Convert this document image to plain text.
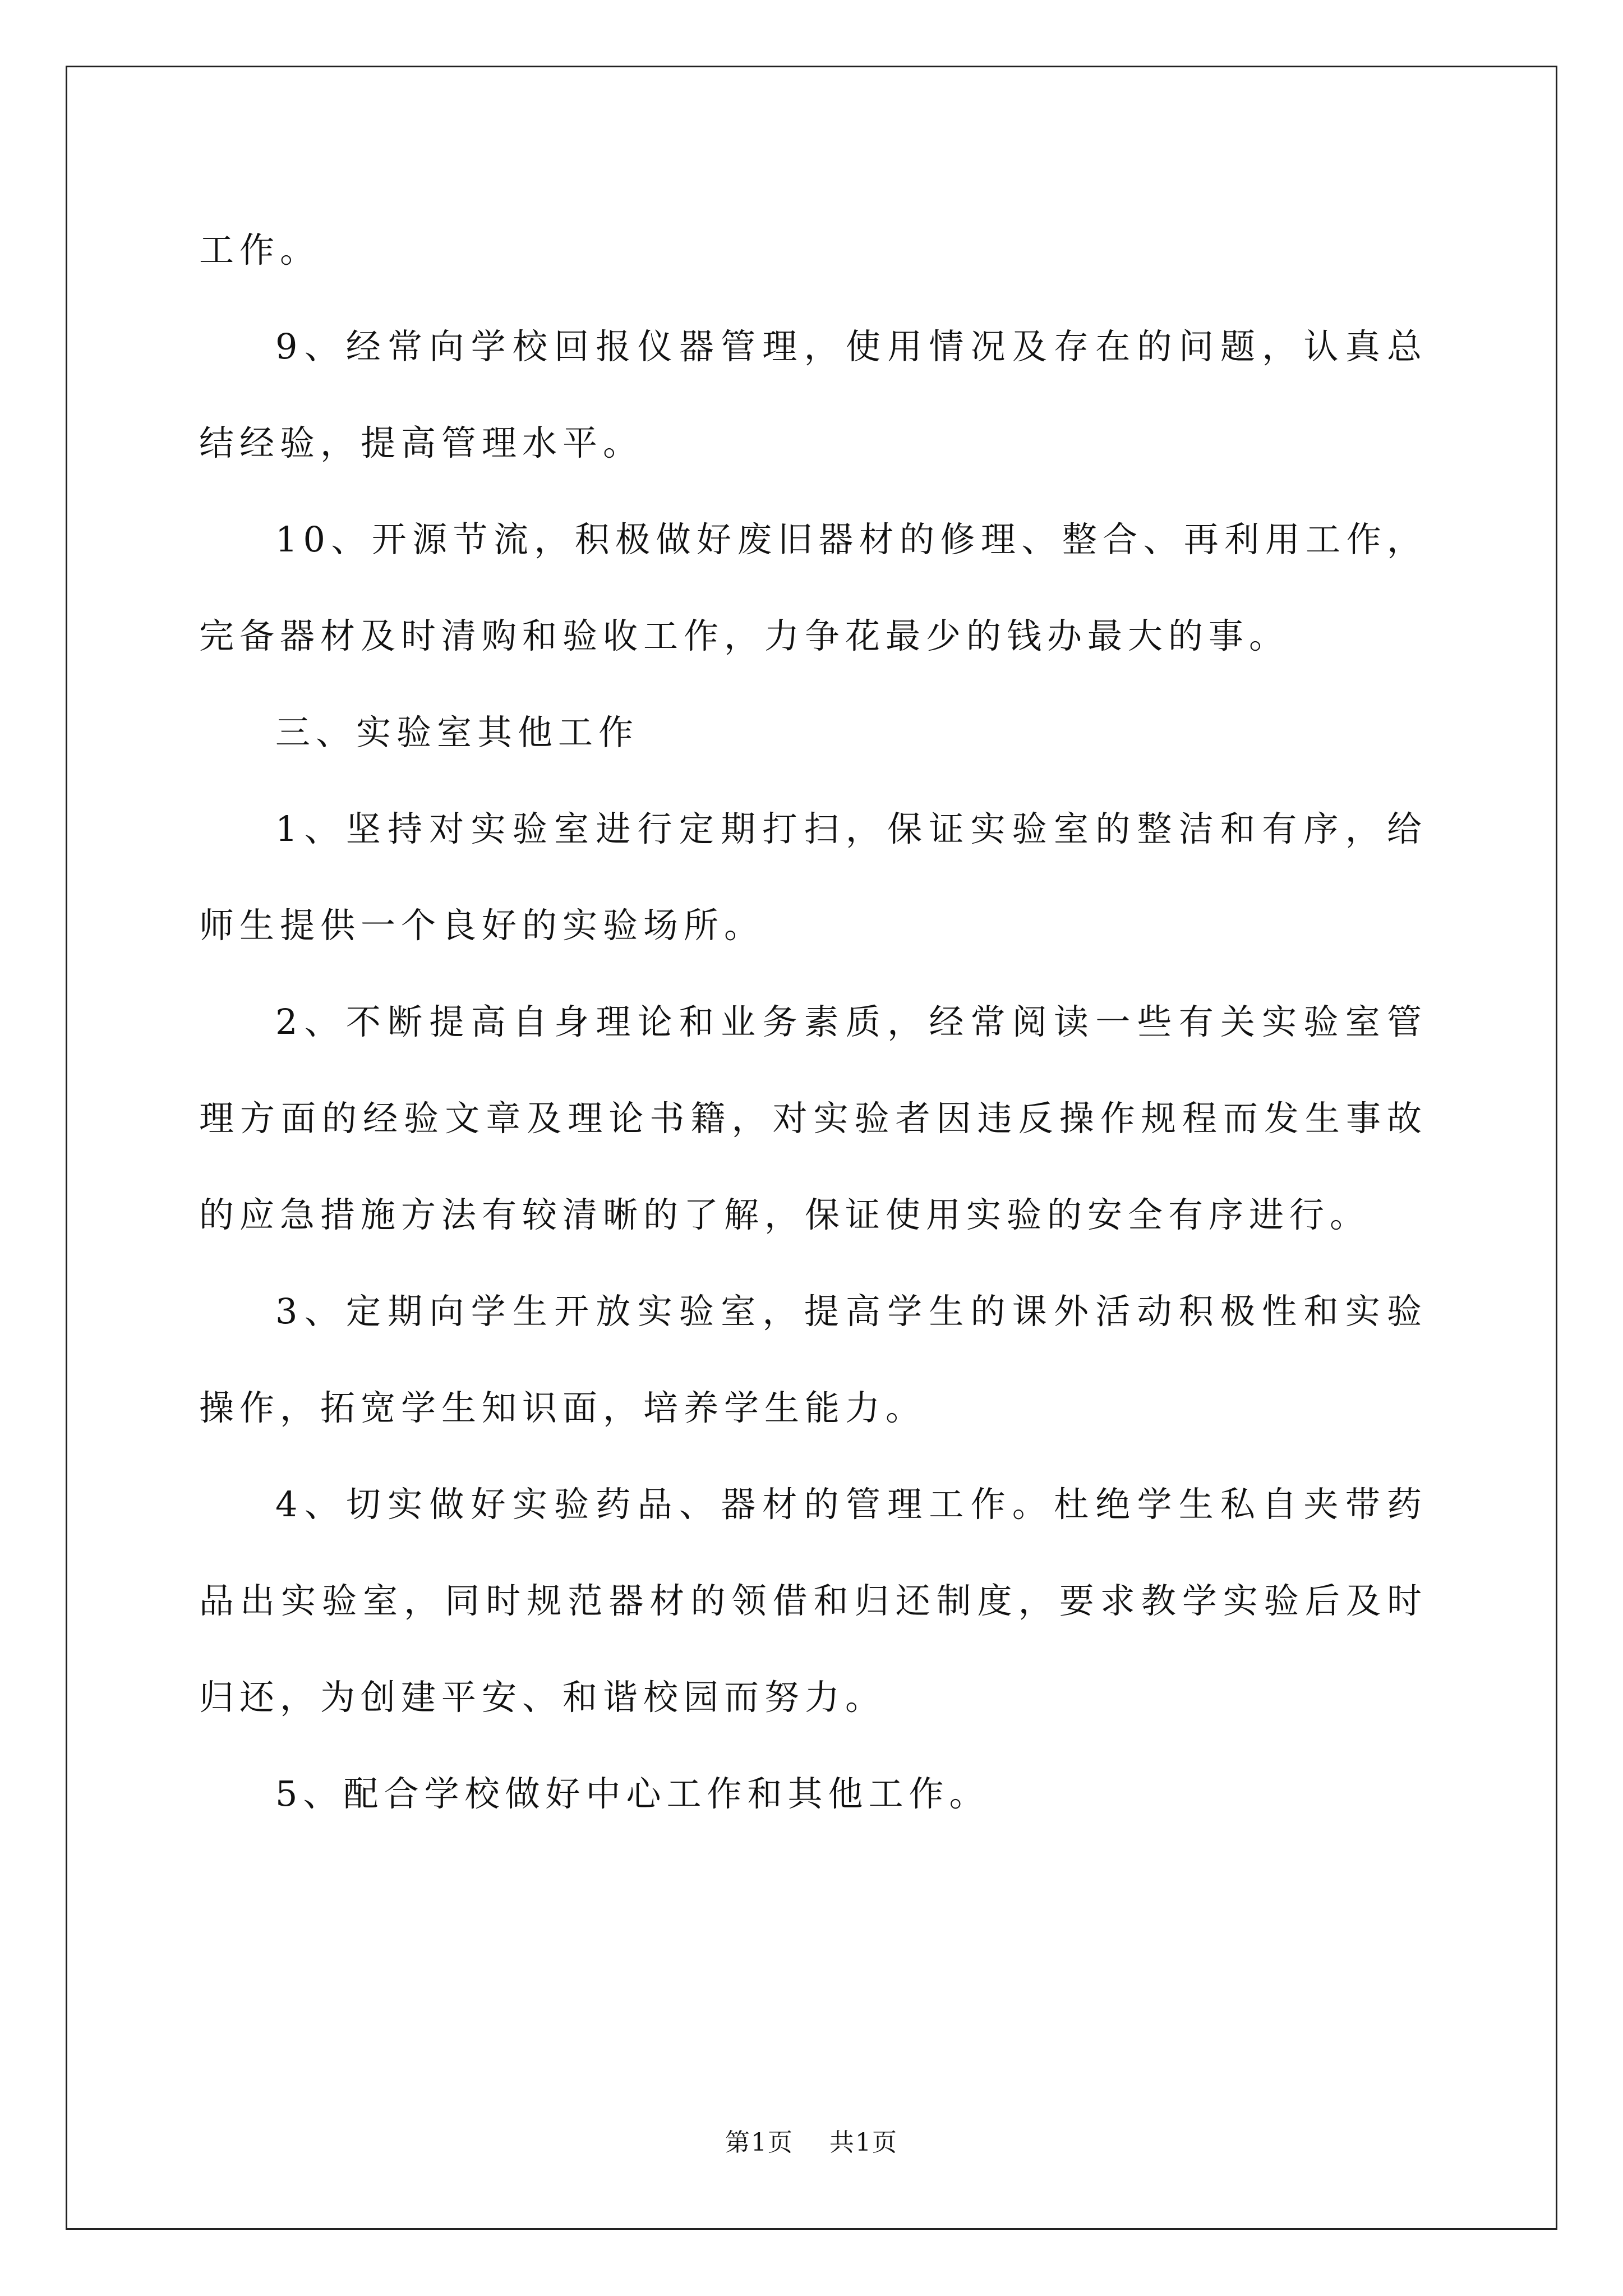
工作。

9、经常向学校回报仪器管理，使用情况及存在的问题，认真总结经验，提高管理水平。

10、开源节流，积极做好废旧器材的修理、整合、再利用工作，完备器材及时清购和验收工作，力争花最少的钱办最大的事。

三、实验室其他工作

1、坚持对实验室进行定期打扫，保证实验室的整洁和有序，给师生提供一个良好的实验场所。

2、不断提高自身理论和业务素质，经常阅读一些有关实验室管理方面的经验文章及理论书籍，对实验者因违反操作规程而发生事故的应急措施方法有较清晰的了解，保证使用实验的安全有序进行。

3、定期向学生开放实验室，提高学生的课外活动积极性和实验操作，拓宽学生知识面，培养学生能力。

4、切实做好实验药品、器材的管理工作。杜绝学生私自夹带药品出实验室，同时规范器材的领借和归还制度，要求教学实验后及时归还，为创建平安、和谐校园而努力。

5、配合学校做好中心工作和其他工作。

第1页 共1页
